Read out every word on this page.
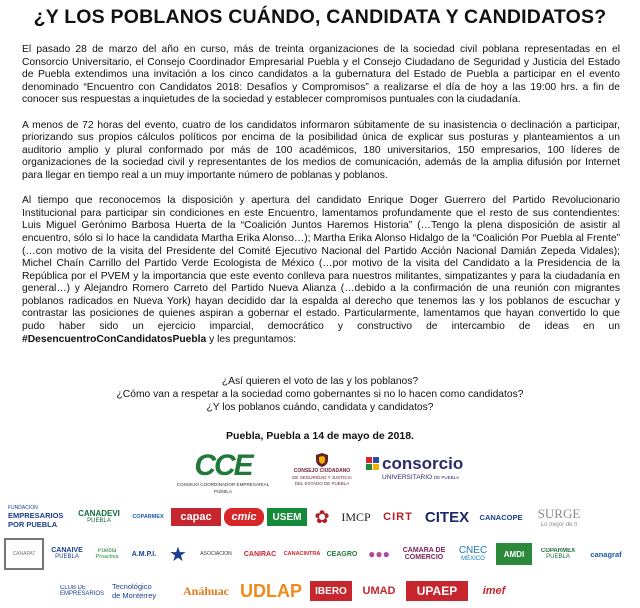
¿Y LOS POBLANOS CUÁNDO, CANDIDATA Y CANDIDATOS?

El pasado 28 de marzo del año en curso, más de treinta organizaciones de la sociedad civil poblana representadas en el Consorcio Universitario, el Consejo Coordinador Empresarial Puebla y el Consejo Ciudadano de Seguridad y Justicia del Estado de Puebla extendimos una invitación a los cinco candidatos a la gubernatura del Estado de Puebla a participar en el evento denominado “Encuentro con Candidatos 2018: Desafíos y Compromisos” a realizarse el día de hoy a las 19:00 hrs. a fin de conocer sus respuestas a inquietudes de la sociedad y establecer compromisos puntuales con la ciudadanía.

A menos de 72 horas del evento, cuatro de los candidatos informaron súbitamente de su inasistencia o declinación a participar, priorizando sus propios cálculos políticos por encima de la posibilidad única de explicar sus posturas y planteamientos a un auditorio amplio y plural conformado por más de 100 académicos, 180 universitarios, 150 empresarios, 100 líderes de organizaciones de la sociedad civil y representantes de los medios de comunicación, además de la amplia difusión por Internet para llegar en tiempo real a un muy importante número de poblanas y poblanos.

Al tiempo que reconocemos la disposición y apertura del candidato Enrique Doger Guerrero del Partido Revolucionario Institucional para participar sin condiciones en este Encuentro, lamentamos profundamente que el resto de sus contendientes: Luis Miguel Gerónimo Barbosa Huerta de la “Coalición Juntos Haremos Historia” (…Tengo la plena disposición de asistir al encuentro, sólo si lo hace la candidata Martha Erika Alonso…); Martha Erika Alonso Hidalgo de la “Coalición Por Puebla al Frente” (…con motivo de la visita del Presidente del Comité Ejecutivo Nacional del Partido Acción Nacional Damián Zepeda Vidales); Michel Chaín Carrillo del Partido Verde Ecologista de México (…por motivo de la visita del Candidato a la Presidencia de la República por el PVEM y la importancia que este evento conlleva para nuestros militantes, simpatizantes y para la ciudadanía en general…) y Alejandro Romero Carreto del Partido Nueva Alianza (…debido a la confirmación de una reunión con migrantes poblanos radicados en Nueva York) hayan decidido dar la espalda al derecho que tenemos las y los poblanos de escuchar y contrastar las posiciones de quienes aspiran a gobernar el estado. Particularmente, lamentamos que hayan convertido lo que pudo haber sido un ejercicio imparcial, democrático y constructivo de intercambio de ideas en un #DesencuentroConCandidatosPuebla y les preguntamos:

¿Así quieren el voto de las y los poblanos?
¿Cómo van a respetar a la sociedad como gobernantes si no lo hacen como candidatos?
¿Y los poblanos cuándo, candidata y candidatos?
Puebla, Puebla a 14 de mayo de 2018.
CCE
CONSEJO COORDINADOR EMPRESARIAL PUEBLA
CONSEJO CIUDADANO
DE SEGURIDAD Y JUSTICIA
DEL ESTADO DE PUEBLA
consorcio
UNIVERSITARIO DE PUEBLA
FUNDACIÓN
EMPRESARIOS
POR PUEBLA
CANADEVI
PUEBLA
COPARMEX capac cmic USEM ✿ IMCP CIRT CITEX CANACOPE SURGE
Lo mejor de ti
CANAPAT CANAIVE
PUEBLA
Puebla
Proactiva A.M.P.I. ★	ASOCIACIÓN CANIRAC CANACINTRA CEAGRO ●●● CÁMARA DE
COMERCIO
CNEC
MÉXICO
AMDI	COPARMEX
PUEBLA	canagraf
CLUB DE
EMPRESARIOS
Tecnológico
de Monterrey Anáhuac UDLAP IBERO UMAD UPAEP imef
